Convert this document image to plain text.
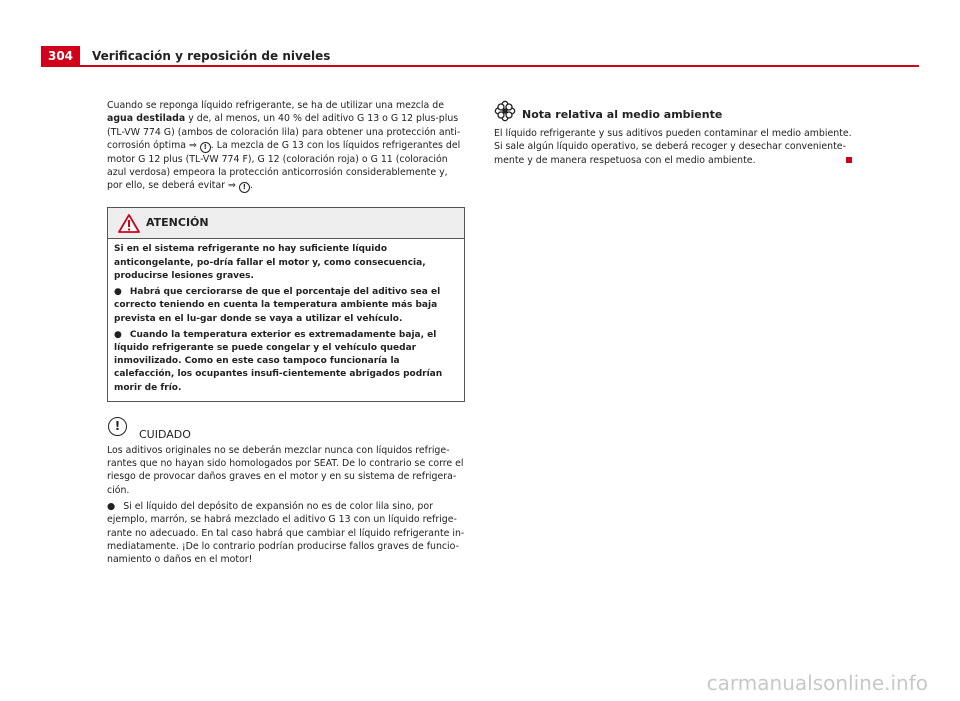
304	Verificación y reposición de niveles

Cuando se reponga líquido refrigerante, se ha de utilizar una mezcla de agua destilada y de, al menos, un 40 % del aditivo G 13 o G 12 plus-plus (TL-VW 774 G) (ambos de coloración lila) para obtener una protección anti-corrosión óptima ⇒ ! . La mezcla de G 13 con los líquidos refrigerantes del motor G 12 plus (TL-VW 774 F), G 12 (coloración roja) o G 11 (coloración azul verdosa) empeora la protección anticorrosión considerablemente y, por ello, se deberá evitar ⇒ ! .

ATENCIÓN

Si en el sistema refrigerante no hay suficiente líquido anticongelante, po-dría fallar el motor y, como consecuencia, producirse lesiones graves.

● Habrá que cerciorarse de que el porcentaje del aditivo sea el correcto teniendo en cuenta la temperatura ambiente más baja prevista en el lu-gar donde se vaya a utilizar el vehículo.

● Cuando la temperatura exterior es extremadamente baja, el líquido refrigerante se puede congelar y el vehículo quedar inmovilizado. Como en este caso tampoco funcionaría la calefacción, los ocupantes insufi-cientemente abrigados podrían morir de frío.

!
CUIDADO

Los aditivos originales no se deberán mezclar nunca con líquidos refrige-rantes que no hayan sido homologados por SEAT. De lo contrario se corre el riesgo de provocar daños graves en el motor y en su sistema de refrigera-ción.

● Si el líquido del depósito de expansión no es de color lila sino, por ejemplo, marrón, se habrá mezclado el aditivo G 13 con un líquido refrige-rante no adecuado. En tal caso habrá que cambiar el líquido refrigerante in-mediatamente. ¡De lo contrario podrían producirse fallos graves de funcio-namiento o daños en el motor!

Nota relativa al medio ambiente

El líquido refrigerante y sus aditivos pueden contaminar el medio ambiente. Si sale algún líquido operativo, se deberá recoger y desechar conveniente-mente y de manera respetuosa con el medio ambiente.

carmanualsonline.info
